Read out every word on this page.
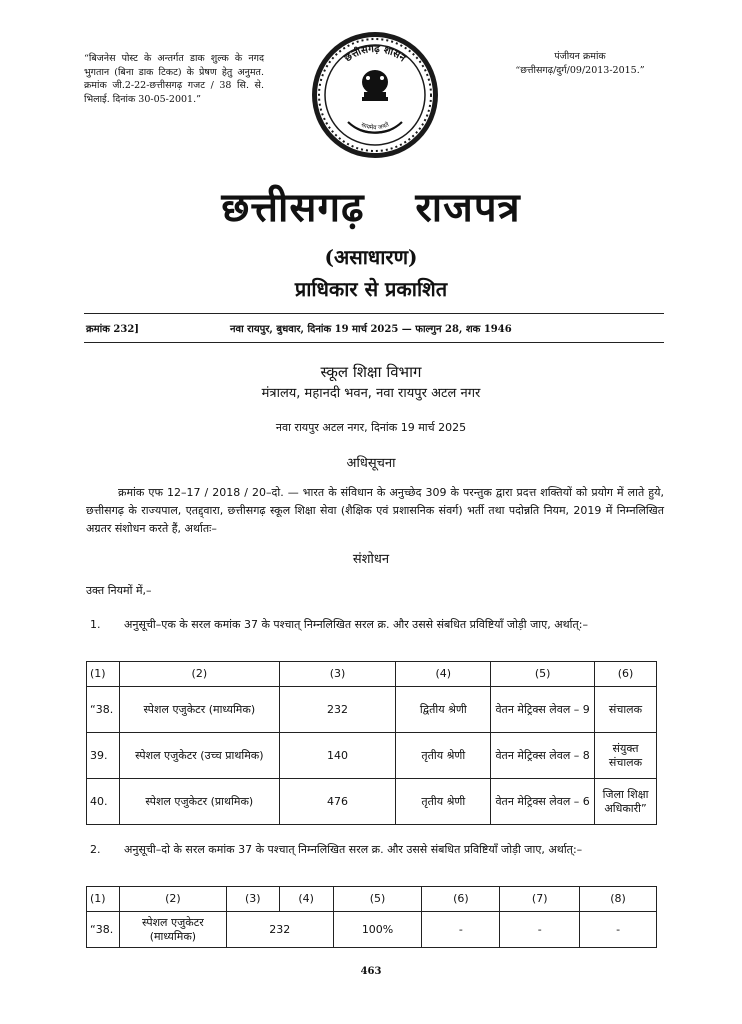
“बिजनेस पोस्ट के अन्तर्गत डाक शुल्क के नगद भुगतान (बिना डाक टिकट) के प्रेषण हेतु अनुमत. क्रमांक जी.2-22-छत्तीसगढ़ गजट / 38 सि. से. भिलाई. दिनांक 30-05-2001.”
पंजीयन क्रमांक
“छत्तीसगढ़/दुर्ग/09/2013-2015.”
छत्तीसगढ़ शासन
सत्यमेव जयते
छत्तीसगढ़ राजपत्र
(असाधारण)
प्राधिकार से प्रकाशित
क्रमांक 232]	नवा रायपुर, बुधवार, दिनांक 19 मार्च 2025 — फाल्गुन 28, शक 1946
स्कूल शिक्षा विभाग
मंत्रालय, महानदी भवन, नवा रायपुर अटल नगर
नवा रायपुर अटल नगर, दिनांक 19 मार्च 2025
अधिसूचना
क्रमांक एफ 12–17 / 2018 / 20–दो. — भारत के संविधान के अनुच्छेद 309 के परन्तुक द्वारा प्रदत्त शक्तियों को प्रयोग में लाते हुये, छत्तीसगढ़ के राज्यपाल, एतद्द्वारा, छत्तीसगढ़ स्कूल शिक्षा सेवा (शैक्षिक एवं प्रशासनिक संवर्ग) भर्ती तथा पदोन्नति नियम, 2019 में निम्नलिखित अग्रतर संशोधन करते हैं, अर्थातः–
संशोधन
उक्त नियमों में,–
1. अनुसूची–एक के सरल कमांक 37 के पश्चात् निम्नलिखित सरल क्र. और उससे संबधित प्रविष्टियाँ जोड़ी जाए, अर्थात्:–
(1)	(2)	(3)	(4)	(5)	(6)
“38.	स्पेशल एजुकेटर (माध्यमिक)	232	द्वितीय श्रेणी	वेतन मेट्रिक्स लेवल – 9	संचालक
39.	स्पेशल एजुकेटर (उच्च प्राथमिक)	140	तृतीय श्रेणी	वेतन मेट्रिक्स लेवल – 8	संयुक्त संचालक
40.	स्पेशल एजुकेटर (प्राथमिक)	476	तृतीय श्रेणी	वेतन मेट्रिक्स लेवल – 6	जिला शिक्षा अधिकारी”
2. अनुसूची–दो के सरल कमांक 37 के पश्चात् निम्नलिखित सरल क्र. और उससे संबधित प्रविष्टियाँ जोड़ी जाए, अर्थात्:–
(1)	(2)	(3)	(4)	(5)	(6)	(7)	(8)
“38.	स्पेशल एजुकेटर (माध्यमिक)	232		100%	-	-	-
463
